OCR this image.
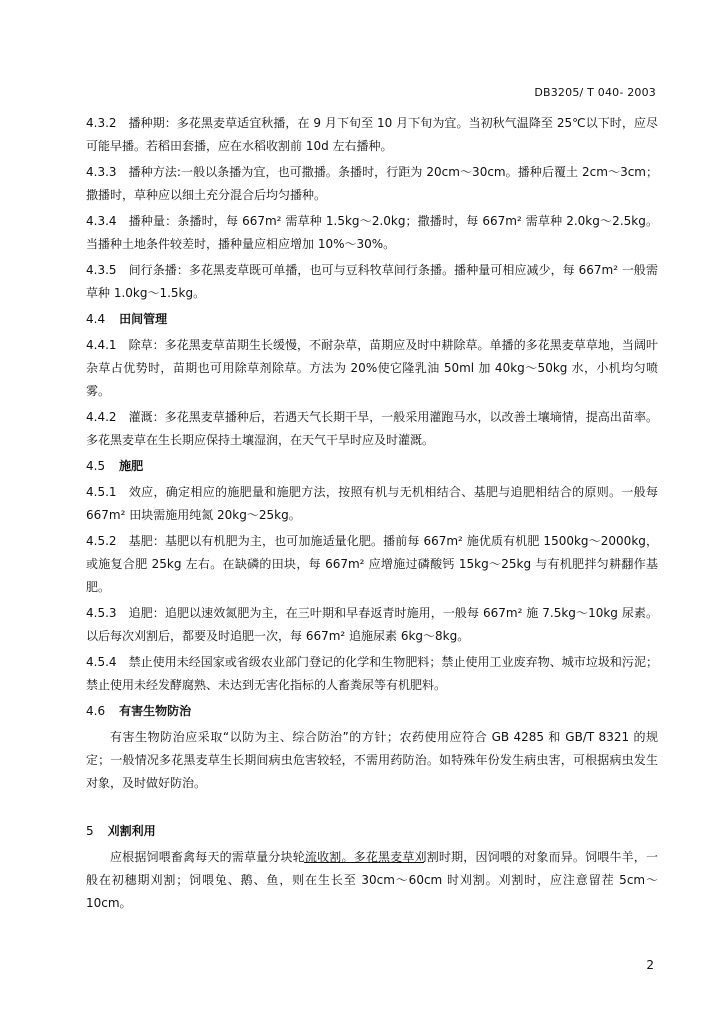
DB3205/ T 040- 2003

4.3.2 播种期：多花黑麦草适宜秋播，在 9 月下旬至 10 月下旬为宜。当初秋气温降至 25℃以下时，应尽可能早播。若稻田套播，应在水稻收割前 10d 左右播种。

4.3.3 播种方法:一般以条播为宜，也可撒播。条播时，行距为 20cm～30cm。播种后覆土 2cm～3cm；撒播时，草种应以细土充分混合后均匀播种。

4.3.4 播种量：条播时，每 667m² 需草种 1.5kg～2.0kg；撒播时，每 667m² 需草种 2.0kg～2.5kg。当播种土地条件较差时，播种量应相应增加 10%～30%。

4.3.5 间行条播：多花黑麦草既可单播，也可与豆科牧草间行条播。播种量可相应减少，每 667m² 一般需草种 1.0kg～1.5kg。

4.4 田间管理

4.4.1 除草：多花黑麦草苗期生长缓慢，不耐杂草，苗期应及时中耕除草。单播的多花黑麦草草地，当阔叶杂草占优势时，苗期也可用除草剂除草。方法为 20%使它隆乳油 50ml 加 40kg～50kg 水，小机均匀喷雾。

4.4.2 灌溉：多花黑麦草播种后，若遇天气长期干旱，一般采用灌跑马水，以改善土壤墒情，提高出苗率。多花黑麦草在生长期应保持土壤湿润，在天气干旱时应及时灌溉。

4.5 施肥

4.5.1 效应，确定相应的施肥量和施肥方法，按照有机与无机相结合、基肥与追肥相结合的原则。一般每 667m² 田块需施用纯氮 20kg～25kg。

4.5.2 基肥：基肥以有机肥为主，也可加施适量化肥。播前每 667m² 施优质有机肥 1500kg～2000kg，或施复合肥 25kg 左右。在缺磷的田块，每 667m² 应增施过磷酸钙 15kg～25kg 与有机肥拌匀耕翻作基肥。

4.5.3 追肥：追肥以速效氮肥为主，在三叶期和早春返青时施用，一般每 667m² 施 7.5kg～10kg 尿素。以后每次刈割后，都要及时追肥一次，每 667m² 追施尿素 6kg～8kg。

4.5.4 禁止使用未经国家或省级农业部门登记的化学和生物肥料；禁止使用工业废弃物、城市垃圾和污泥；禁止使用未经发酵腐熟、未达到无害化指标的人畜粪尿等有机肥料。

4.6 有害生物防治

有害生物防治应采取“以防为主、综合防治”的方针；农药使用应符合 GB 4285 和 GB/T 8321 的规定；一般情况多花黑麦草生长期间病虫危害较轻，不需用药防治。如特殊年份发生病虫害，可根据病虫发生对象，及时做好防治。

5 刈割利用

应根据饲喂畜禽每天的需草量分块轮流收割。多花黑麦草刈割时期，因饲喂的对象而异。饲喂牛羊，一般在初穗期刈割；饲喂兔、鹅、鱼，则在生长至 30cm～60cm 时刈割。刈割时，应注意留茬 5cm～10cm。

2
